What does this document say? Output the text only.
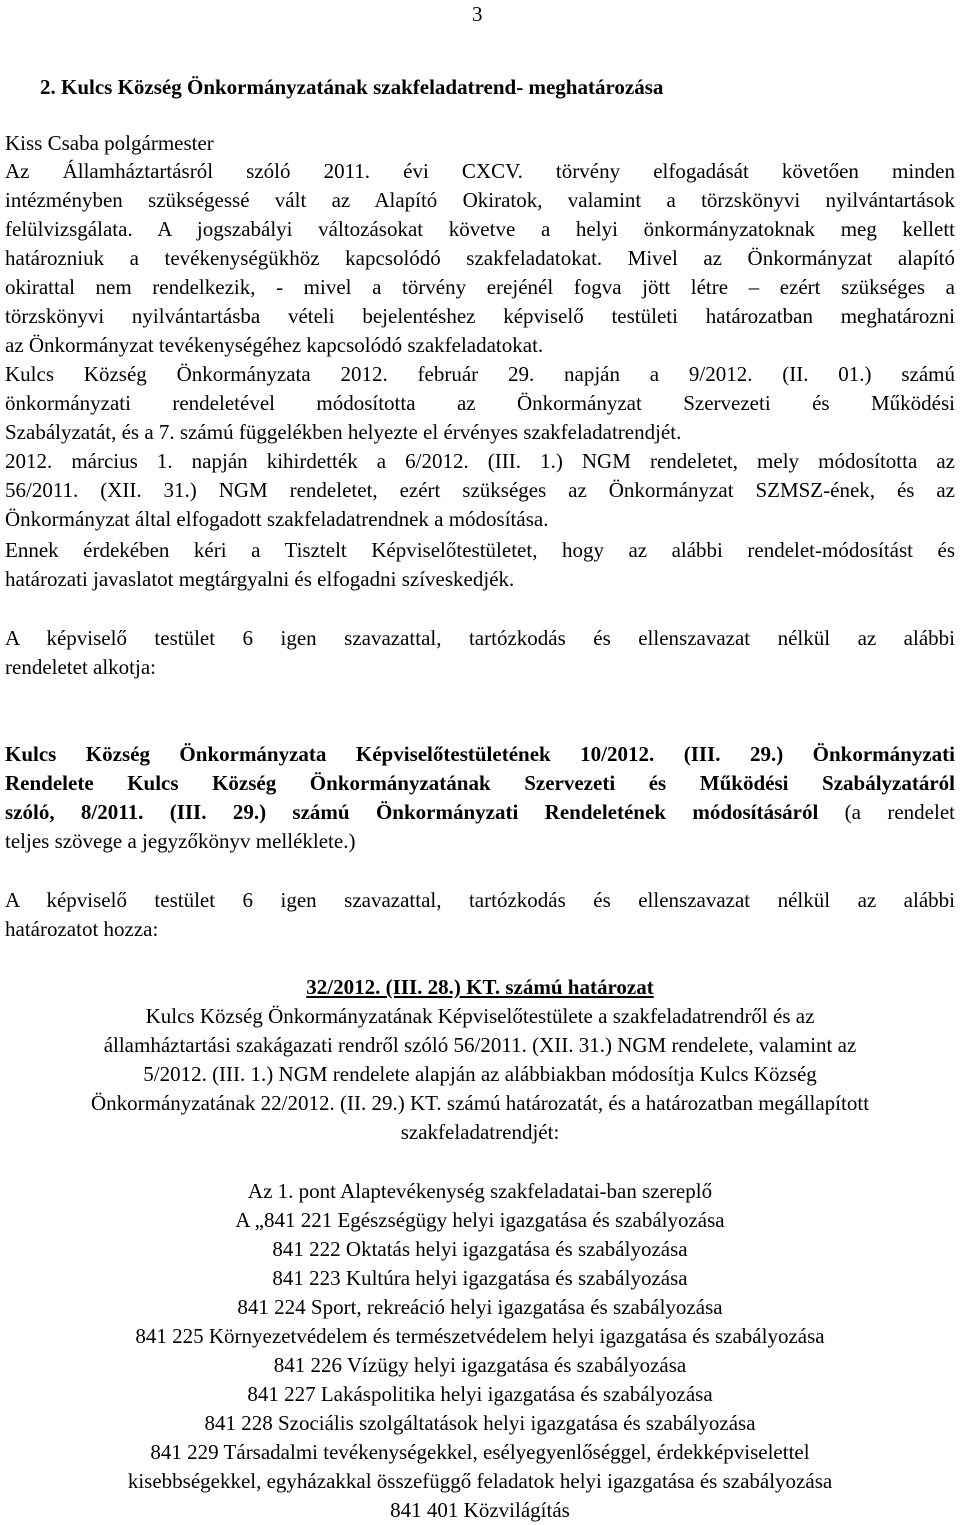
3
2. Kulcs Község Önkormányzatának szakfeladatrend- meghatározása
Kiss Csaba polgármester
Az Államháztartásról szóló 2011. évi CXCV. törvény elfogadását követően minden
intézményben szükségessé vált az Alapító Okiratok, valamint a törzskönyvi nyilvántartások
felülvizsgálata. A jogszabályi változásokat követve a helyi önkormányzatoknak meg kellett
határozniuk a tevékenységükhöz kapcsolódó szakfeladatokat. Mivel az Önkormányzat alapító
okirattal nem rendelkezik, - mivel a törvény erejénél fogva jött létre – ezért szükséges a
törzskönyvi nyilvántartásba vételi bejelentéshez képviselő testületi határozatban meghatározni
az Önkormányzat tevékenységéhez kapcsolódó szakfeladatokat.
Kulcs Község Önkormányzata 2012. február 29. napján a 9/2012. (II. 01.) számú
önkormányzati rendeletével módosította az Önkormányzat Szervezeti és Működési
Szabályzatát, és a 7. számú függelékben helyezte el érvényes szakfeladatrendjét.
2012. március 1. napján kihirdették a 6/2012. (III. 1.) NGM rendeletet, mely módosította az
56/2011. (XII. 31.) NGM rendeletet, ezért szükséges az Önkormányzat SZMSZ-ének, és az
Önkormányzat által elfogadott szakfeladatrendnek a módosítása.
Ennek érdekében kéri a Tisztelt Képviselőtestületet, hogy az alábbi rendelet-módosítást és
határozati javaslatot megtárgyalni és elfogadni szíveskedjék.
A képviselő testület 6 igen szavazattal, tartózkodás és ellenszavazat nélkül az alábbi
rendeletet alkotja:
Kulcs Község Önkormányzata Képviselőtestületének 10/2012. (III. 29.) Önkormányzati
Rendelete Kulcs Község Önkormányzatának Szervezeti és Működési Szabályzatáról
szóló, 8/2011. (III. 29.) számú Önkormányzati Rendeletének módosításáról (a rendelet
teljes szövege a jegyzőkönyv melléklete.)
A képviselő testület 6 igen szavazattal, tartózkodás és ellenszavazat nélkül az alábbi
határozatot hozza:
32/2012. (III. 28.) KT. számú határozat
Kulcs Község Önkormányzatának Képviselőtestülete a szakfeladatrendről és az
államháztartási szakágazati rendről szóló 56/2011. (XII. 31.) NGM rendelete, valamint az
5/2012. (III. 1.) NGM rendelete alapján az alábbiakban módosítja Kulcs Község
Önkormányzatának 22/2012. (II. 29.) KT. számú határozatát, és a határozatban megállapított
szakfeladatrendjét:
Az 1. pont Alaptevékenység szakfeladatai-ban szereplő
A „841 221 Egészségügy helyi igazgatása és szabályozása
841 222 Oktatás helyi igazgatása és szabályozása
841 223 Kultúra helyi igazgatása és szabályozása
841 224 Sport, rekreáció helyi igazgatása és szabályozása
841 225 Környezetvédelem és természetvédelem helyi igazgatása és szabályozása
841 226 Vízügy helyi igazgatása és szabályozása
841 227 Lakáspolitika helyi igazgatása és szabályozása
841 228 Szociális szolgáltatások helyi igazgatása és szabályozása
841 229 Társadalmi tevékenységekkel, esélyegyenlőséggel, érdekképviselettel
kisebbségekkel, egyházakkal összefüggő feladatok helyi igazgatása és szabályozása
841 401 Közvilágítás
